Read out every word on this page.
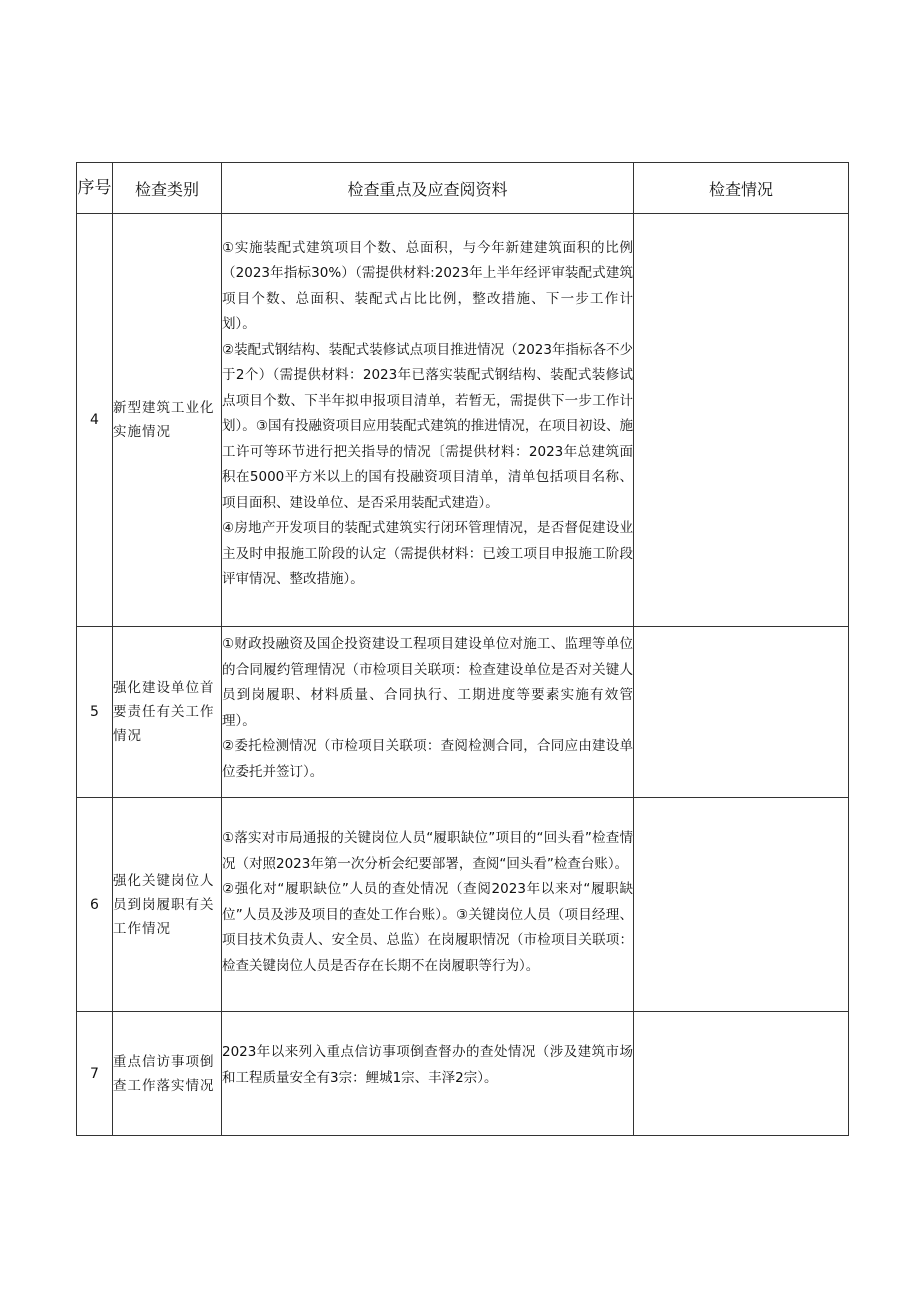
序号	检查类别	检查重点及应查阅资料	检查情况
4	新型建筑工业化实施情况	①实施装配式建筑项目个数、总面积，与今年新建建筑面积的比例（2023年指标30%）（需提供材料:2023年上半年经评审装配式建筑项目个数、总面积、装配式占比比例，整改措施、下一步工作计划）。

②装配式钢结构、装配式装修试点项目推进情况（2023年指标各不少于2个）（需提供材料：2023年已落实装配式钢结构、装配式装修试点项目个数、下半年拟申报项目清单，若暂无，需提供下一步工作计划）。③国有投融资项目应用装配式建筑的推进情况，在项目初设、施工许可等环节进行把关指导的情况〔需提供材料：2023年总建筑面积在5000平方米以上的国有投融资项目清单，清单包括项目名称、项目面积、建设单位、是否采用装配式建造）。

④房地产开发项目的装配式建筑实行闭环管理情况，是否督促建设业主及时申报施工阶段的认定（需提供材料：已竣工项目申报施工阶段评审情况、整改措施）。	

5	强化建设单位首要责任有关工作情况	①财政投融资及国企投资建设工程项目建设单位对施工、监理等单位的合同履约管理情况（市检项目关联项：检查建设单位是否对关键人员到岗履职、材料质量、合同执行、工期进度等要素实施有效管理）。

②委托检测情况（市检项目关联项：查阅检测合同，合同应由建设单位委托并签订）。	

6	强化关键岗位人员到岗履职有关工作情况	①落实对市局通报的关键岗位人员“履职缺位”项目的“回头看”检查情况（对照2023年第一次分析会纪要部署，查阅“回头看”检查台账）。

②强化对“履职缺位”人员的查处情况（查阅2023年以来对“履职缺位”人员及涉及项目的查处工作台账）。③关键岗位人员（项目经理、项目技术负责人、安全员、总监）在岗履职情况（市检项目关联项：检查关键岗位人员是否存在长期不在岗履职等行为）。	

7	重点信访事项倒查工作落实情况	2023年以来列入重点信访事项倒查督办的查处情况（涉及建筑市场和工程质量安全有3宗：鲤城1宗、丰泽2宗）。	
